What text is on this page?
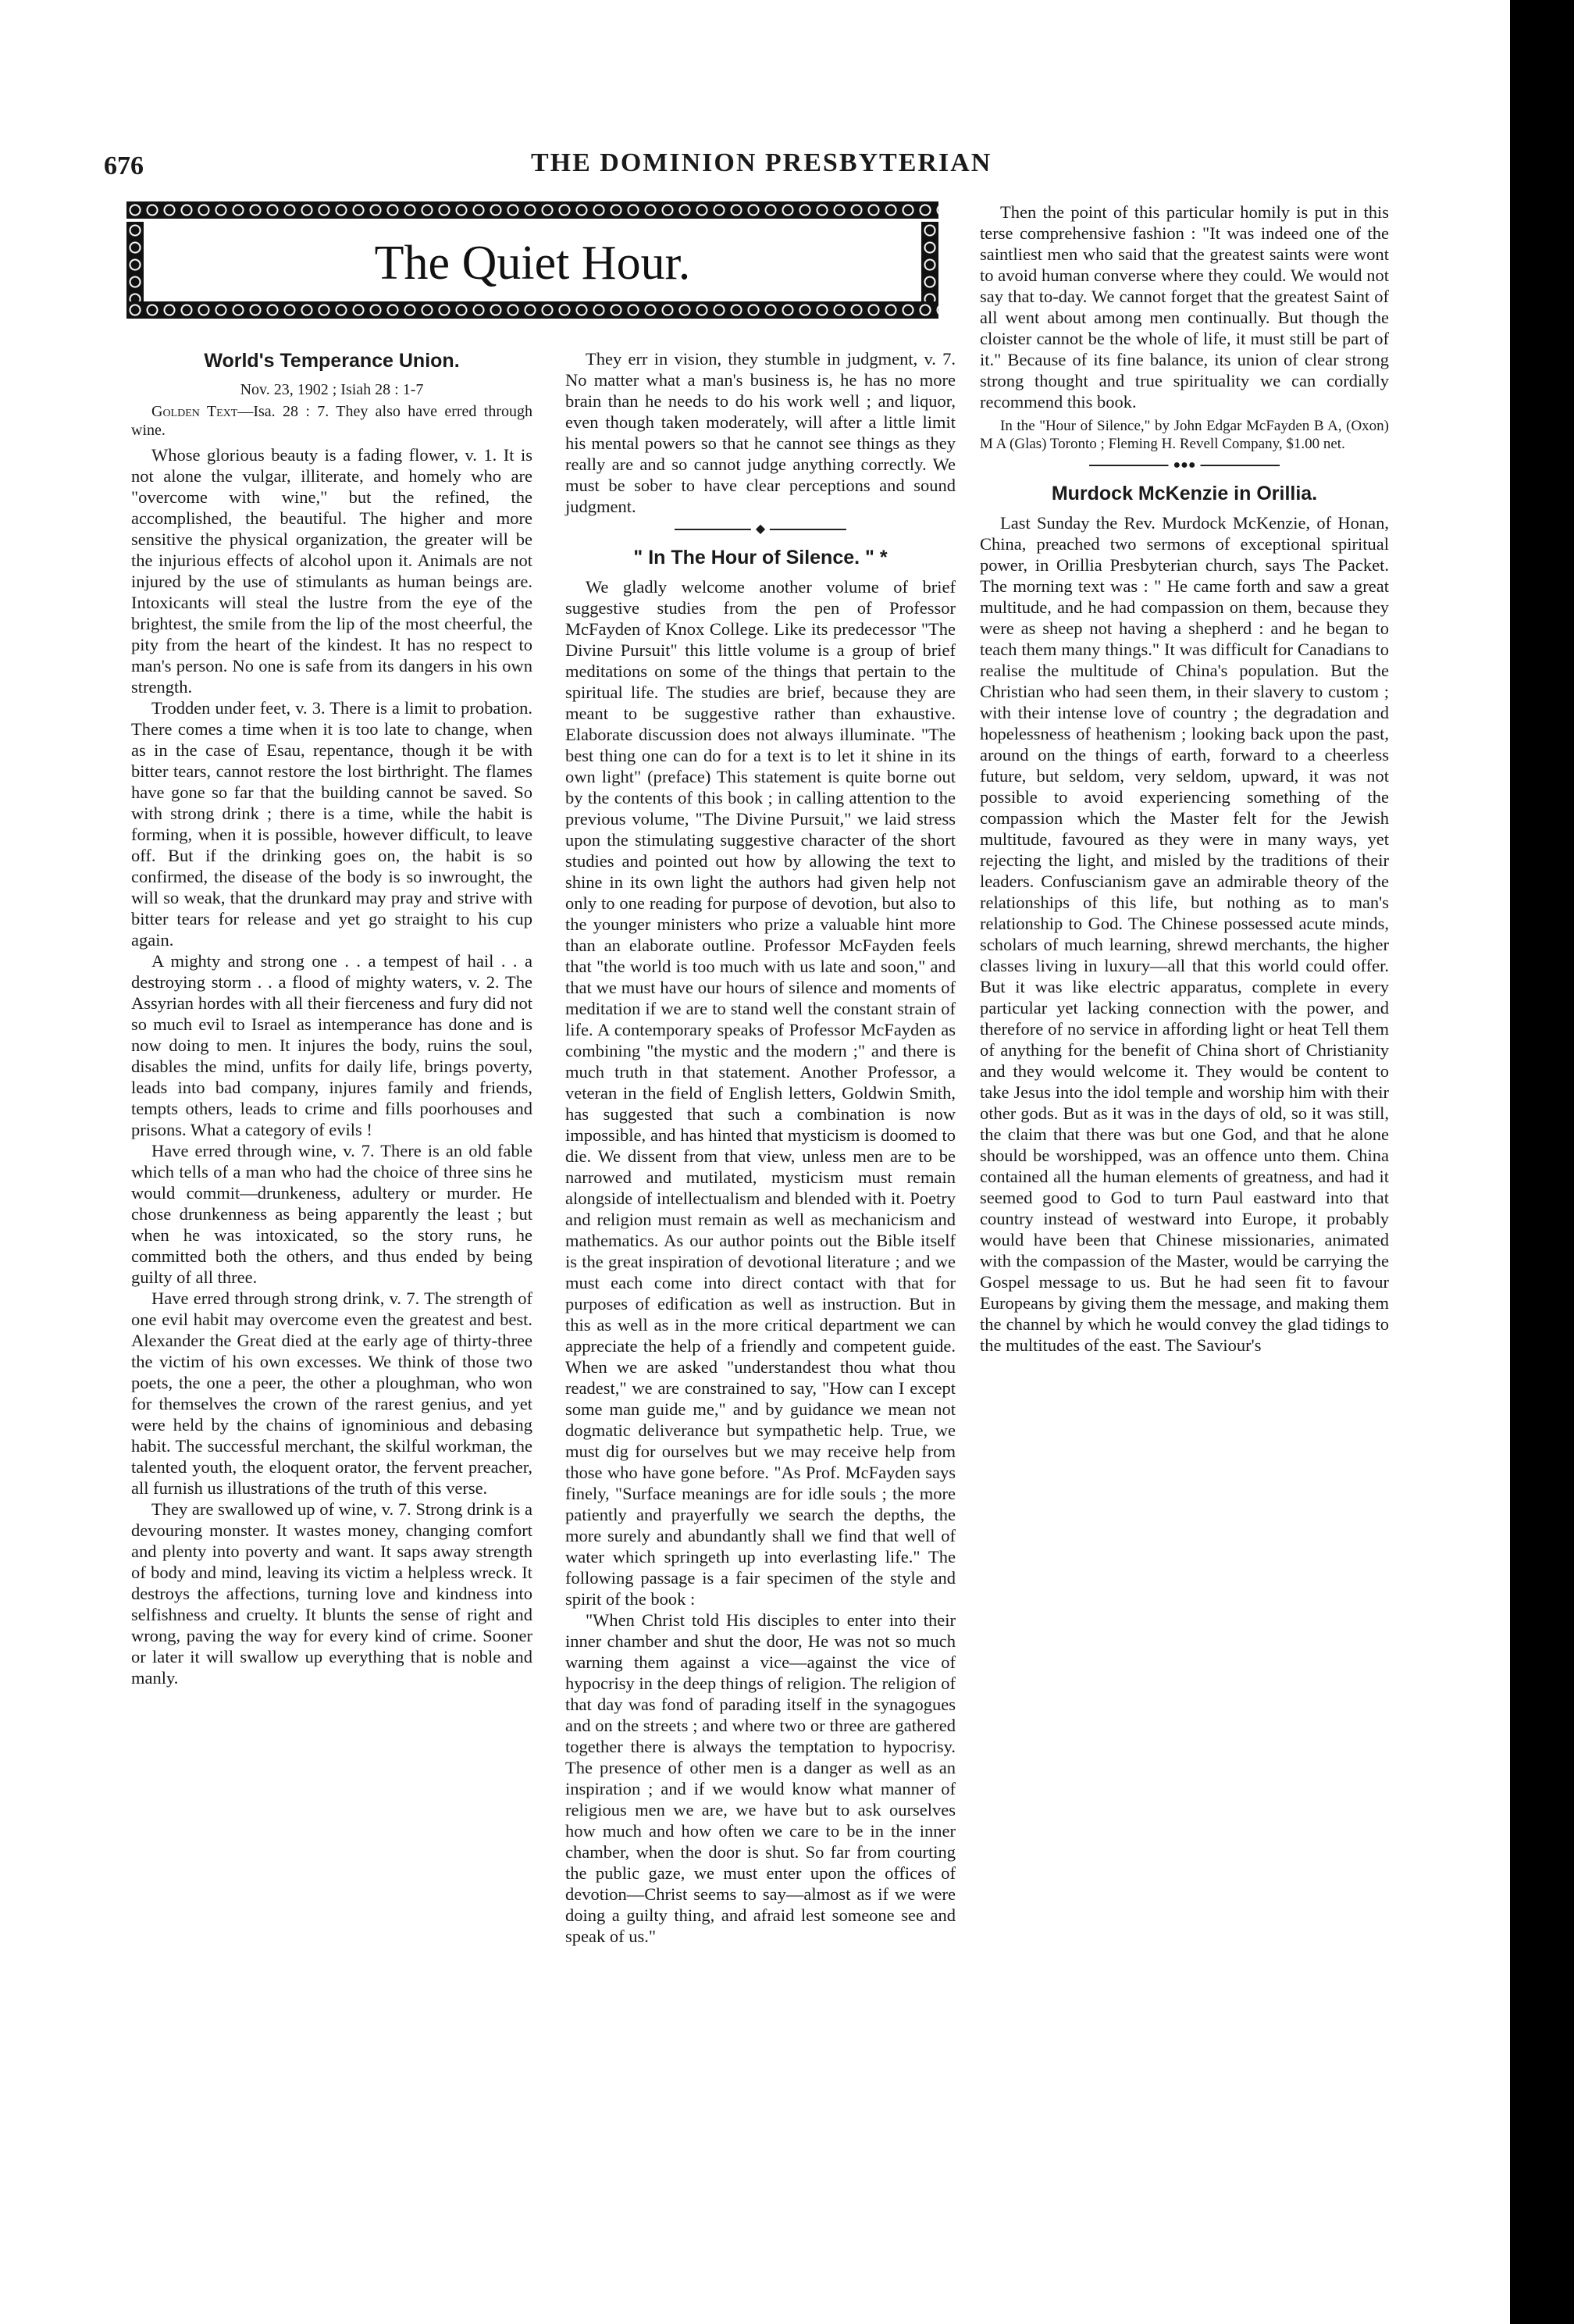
676	THE DOMINION PRESBYTERIAN
The Quiet Hour.
World's Temperance Union.
Nov. 23, 1902 ; Isiah 28 : 1-7
Golden Text—Isa. 28 : 7. They also have erred through wine.

Whose glorious beauty is a fading flower, v. 1. It is not alone the vulgar, illiterate, and homely who are "overcome with wine," but the refined, the accomplished, the beautiful. The higher and more sensitive the physical organization, the greater will be the injurious effects of alcohol upon it. Animals are not injured by the use of stimulants as human beings are. Intoxicants will steal the lustre from the eye of the brightest, the smile from the lip of the most cheerful, the pity from the heart of the kindest. It has no respect to man's person. No one is safe from its dangers in his own strength.

Trodden under feet, v. 3. There is a limit to probation. There comes a time when it is too late to change, when as in the case of Esau, repentance, though it be with bitter tears, cannot restore the lost birthright. The flames have gone so far that the building cannot be saved. So with strong drink ; there is a time, while the habit is forming, when it is possible, however difficult, to leave off. But if the drinking goes on, the habit is so confirmed, the disease of the body is so inwrought, the will so weak, that the drunkard may pray and strive with bitter tears for release and yet go straight to his cup again.

A mighty and strong one . . a tempest of hail . . a destroying storm . . a flood of mighty waters, v. 2. The Assyrian hordes with all their fierceness and fury did not so much evil to Israel as intemperance has done and is now doing to men. It injures the body, ruins the soul, disables the mind, unfits for daily life, brings poverty, leads into bad company, injures family and friends, tempts others, leads to crime and fills poorhouses and prisons. What a category of evils !

Have erred through wine, v. 7. There is an old fable which tells of a man who had the choice of three sins he would commit—drunkeness, adultery or murder. He chose drunkenness as being apparently the least ; but when he was intoxicated, so the story runs, he committed both the others, and thus ended by being guilty of all three.

Have erred through strong drink, v. 7. The strength of one evil habit may overcome even the greatest and best. Alexander the Great died at the early age of thirty-three the victim of his own excesses. We think of those two poets, the one a peer, the other a ploughman, who won for themselves the crown of the rarest genius, and yet were held by the chains of ignominious and debasing habit. The successful merchant, the skilful workman, the talented youth, the eloquent orator, the fervent preacher, all furnish us illustrations of the truth of this verse.

They are swallowed up of wine, v. 7. Strong drink is a devouring monster. It wastes money, changing comfort and plenty into poverty and want. It saps away strength of body and mind, leaving its victim a helpless wreck. It destroys the affections, turning love and kindness into selfishness and cruelty. It blunts the sense of right and wrong, paving the way for every kind of crime. Sooner or later it will swallow up everything that is noble and manly.

They err in vision, they stumble in judgment, v. 7. No matter what a man's business is, he has no more brain than he needs to do his work well ; and liquor, even though taken moderately, will after a little limit his mental powers so that he cannot see things as they really are and so cannot judge anything correctly. We must be sober to have clear perceptions and sound judgment.

◆
" In The Hour of Silence. " *

We gladly welcome another volume of brief suggestive studies from the pen of Professor McFayden of Knox College. Like its predecessor "The Divine Pursuit" this little volume is a group of brief meditations on some of the things that pertain to the spiritual life. The studies are brief, because they are meant to be suggestive rather than exhaustive. Elaborate discussion does not always illuminate. "The best thing one can do for a text is to let it shine in its own light" (preface) This statement is quite borne out by the contents of this book ; in calling attention to the previous volume, "The Divine Pursuit," we laid stress upon the stimulating suggestive character of the short studies and pointed out how by allowing the text to shine in its own light the authors had given help not only to one reading for purpose of devotion, but also to the younger ministers who prize a valuable hint more than an elaborate outline. Professor McFayden feels that "the world is too much with us late and soon," and that we must have our hours of silence and moments of meditation if we are to stand well the constant strain of life. A contemporary speaks of Professor McFayden as combining "the mystic and the modern ;" and there is much truth in that statement. Another Professor, a veteran in the field of English letters, Goldwin Smith, has suggested that such a combination is now impossible, and has hinted that mysticism is doomed to die. We dissent from that view, unless men are to be narrowed and mutilated, mysticism must remain alongside of intellectualism and blended with it. Poetry and religion must remain as well as mechanicism and mathematics. As our author points out the Bible itself is the great inspiration of devotional literature ; and we must each come into direct contact with that for purposes of edification as well as instruction. But in this as well as in the more critical department we can appreciate the help of a friendly and competent guide. When we are asked "understandest thou what thou readest," we are constrained to say, "How can I except some man guide me," and by guidance we mean not dogmatic deliverance but sympathetic help. True, we must dig for ourselves but we may receive help from those who have gone before. "As Prof. McFayden says finely, "Surface meanings are for idle souls ; the more patiently and prayerfully we search the depths, the more surely and abundantly shall we find that well of water which springeth up into everlasting life." The following passage is a fair specimen of the style and spirit of the book :

"When Christ told His disciples to enter into their inner chamber and shut the door, He was not so much warning them against a vice—against the vice of hypocrisy in the deep things of religion. The religion of that day was fond of parading itself in the synagogues and on the streets ; and where two or three are gathered together there is always the temptation to hypocrisy. The presence of other men is a danger as well as an inspiration ; and if we would know what manner of religious men we are, we have but to ask ourselves how much and how often we care to be in the inner chamber, when the door is shut. So far from courting the public gaze, we must enter upon the offices of devotion—Christ seems to say—almost as if we were doing a guilty thing, and afraid lest someone see and speak of us."

Then the point of this particular homily is put in this terse comprehensive fashion : "It was indeed one of the saintliest men who said that the greatest saints were wont to avoid human converse where they could. We would not say that to-day. We cannot forget that the greatest Saint of all went about among men continually. But though the cloister cannot be the whole of life, it must still be part of it." Because of its fine balance, its union of clear strong strong thought and true spirituality we can cordially recommend this book.

In the "Hour of Silence," by John Edgar McFayden B A, (Oxon) M A (Glas) Toronto ; Fleming H. Revell Company, $1.00 net.
●●●
Murdock McKenzie in Orillia.

Last Sunday the Rev. Murdock McKenzie, of Honan, China, preached two sermons of exceptional spiritual power, in Orillia Presbyterian church, says The Packet. The morning text was : " He came forth and saw a great multitude, and he had compassion on them, because they were as sheep not having a shepherd : and he began to teach them many things." It was difficult for Canadians to realise the multitude of China's population. But the Christian who had seen them, in their slavery to custom ; with their intense love of country ; the degradation and hopelessness of heathenism ; looking back upon the past, around on the things of earth, forward to a cheerless future, but seldom, very seldom, upward, it was not possible to avoid experiencing something of the compassion which the Master felt for the Jewish multitude, favoured as they were in many ways, yet rejecting the light, and misled by the traditions of their leaders. Confuscianism gave an admirable theory of the relationships of this life, but nothing as to man's relationship to God. The Chinese possessed acute minds, scholars of much learning, shrewd merchants, the higher classes living in luxury—all that this world could offer. But it was like electric apparatus, complete in every particular yet lacking connection with the power, and therefore of no service in affording light or heat Tell them of anything for the benefit of China short of Christianity and they would welcome it. They would be content to take Jesus into the idol temple and worship him with their other gods. But as it was in the days of old, so it was still, the claim that there was but one God, and that he alone should be worshipped, was an offence unto them. China contained all the human elements of greatness, and had it seemed good to God to turn Paul eastward into that country instead of westward into Europe, it probably would have been that Chinese missionaries, animated with the compassion of the Master, would be carrying the Gospel message to us. But he had seen fit to favour Europeans by giving them the message, and making them the channel by which he would convey the glad tidings to the multitudes of the east. The Saviour's
